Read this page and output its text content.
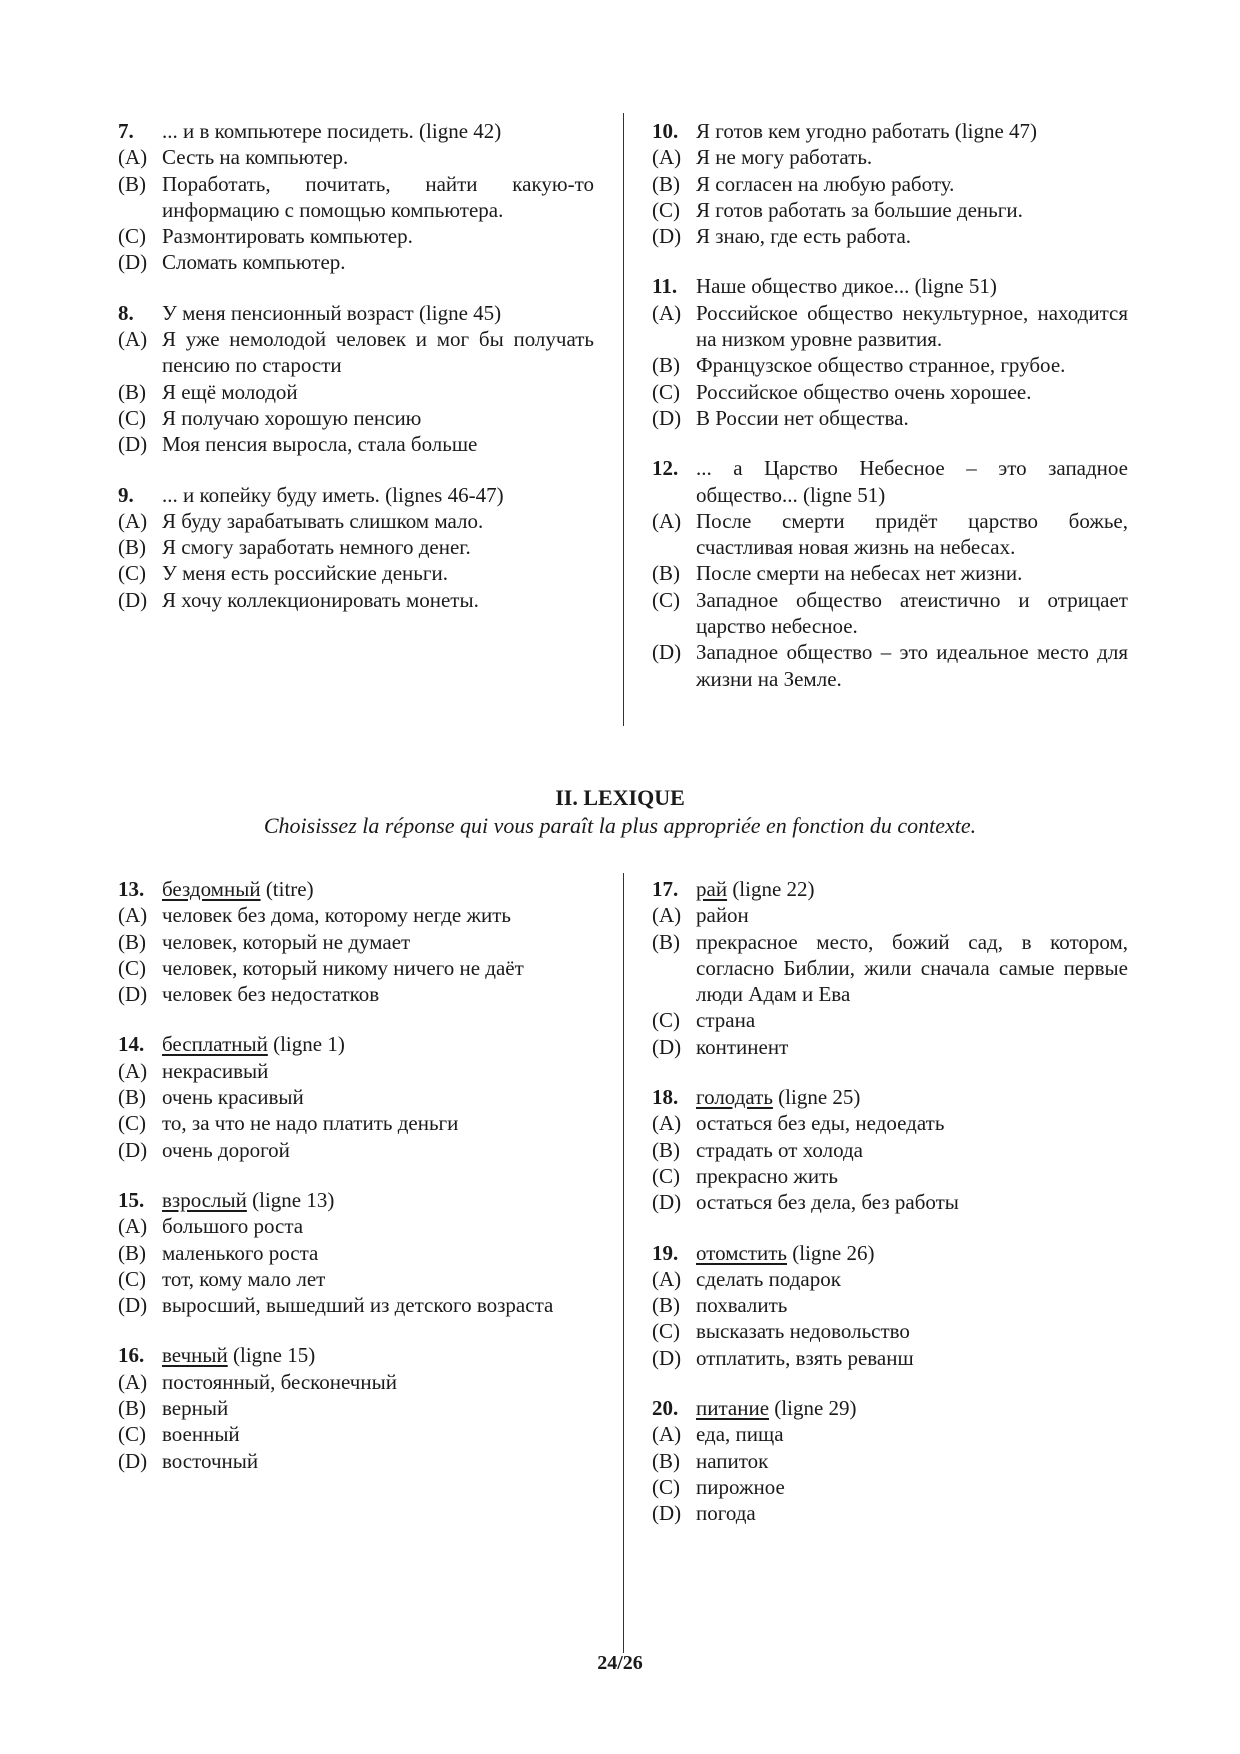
7.	... и в компьютере посидеть. (ligne 42)
(A) Сесть на компьютер.
(B) Поработать, почитать, найти какую-то информацию с помощью компьютера.
(C) Размонтировать компьютер.
(D) Сломать компьютер.
8.	У меня пенсионный возраст (ligne 45)
(A) Я уже немолодой человек и мог бы получать пенсию по старости
(B) Я ещё молодой
(C) Я получаю хорошую пенсию
(D) Моя пенсия выросла, стала больше
9.	... и копейку буду иметь. (lignes 46-47)
(A) Я буду зарабатывать слишком мало.
(B) Я смогу заработать немного денег.
(C) У меня есть российские деньги.
(D) Я хочу коллекционировать монеты.
10. Я готов кем угодно работать (ligne 47)
(A) Я не могу работать.
(B) Я согласен на любую работу.
(C) Я готов работать за большие деньги.
(D) Я знаю, где есть работа.
11. Наше общество дикое... (ligne 51)
(A) Российское общество некультурное, находится на низком уровне развития.
(B) Французское общество странное, грубое.
(C) Российское общество очень хорошее.
(D) В России нет общества.
12. ... а Царство Небесное – это западное общество... (ligne 51)
(A) После смерти придёт царство божье, счастливая новая жизнь на небесах.
(B) После смерти на небесах нет жизни.
(C) Западное общество атеистично и отрицает царство небесное.
(D) Западное общество – это идеальное место для жизни на Земле.
II. LEXIQUE
Choisissez la réponse qui vous paraît la plus appropriée en fonction du contexte.
13. бездомный (titre)
(A) человек без дома, которому негде жить
(B) человек, который не думает
(C) человек, который никому ничего не даёт
(D) человек без недостатков
14. бесплатный (ligne 1)
(A) некрасивый
(B) очень красивый
(C) то, за что не надо платить деньги
(D) очень дорогой
15. взрослый (ligne 13)
(A) большого роста
(B) маленького роста
(C) тот, кому мало лет
(D) выросший, вышедший из детского возраста
16. вечный (ligne 15)
(A) постоянный, бесконечный
(B) верный
(C) военный
(D) восточный
17. рай (ligne 22)
(A) район
(B) прекрасное место, божий сад, в котором, согласно Библии, жили сначала самые первые люди Адам и Ева
(C) страна
(D) континент
18. голодать (ligne 25)
(A) остаться без еды, недоедать
(B) страдать от холода
(C) прекрасно жить
(D) остаться без дела, без работы
19. отомстить (ligne 26)
(A) сделать подарок
(B) похвалить
(C) высказать недовольство
(D) отплатить, взять реванш
20. питание (ligne 29)
(A) еда, пища
(B) напиток
(C) пирожное
(D) погода
24/26
